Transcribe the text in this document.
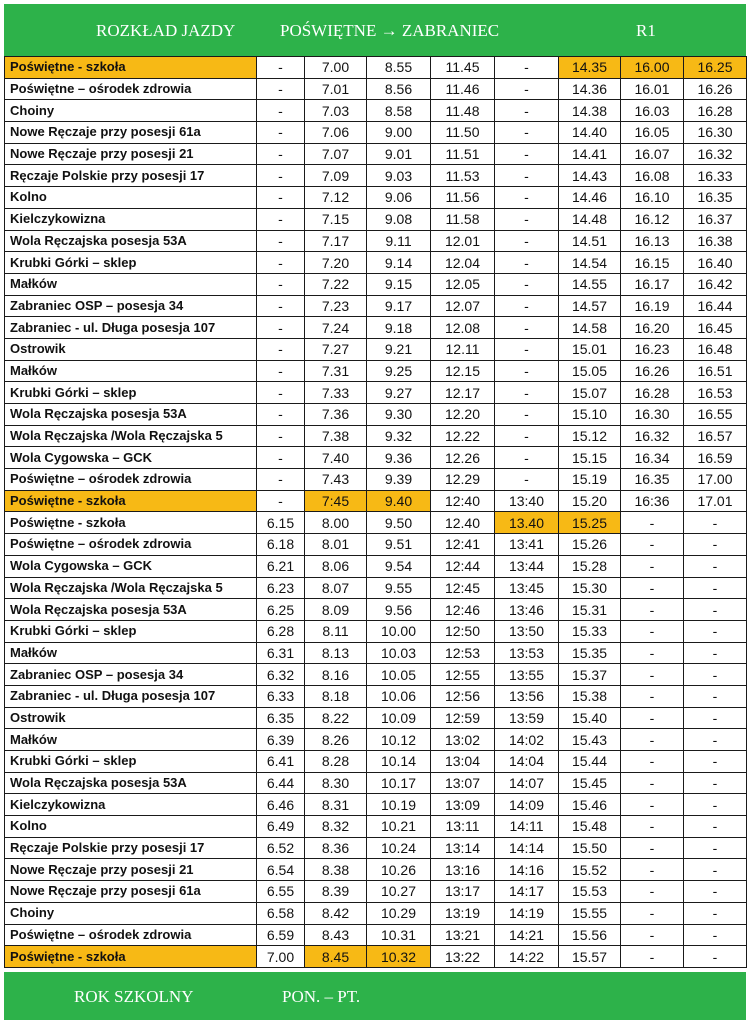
ROZKŁAD JAZDY	POŚWIĘTNE → ZABRANIEC	R1
Poświętne - szkoła	-	7.00	8.55	11.45	-	14.35	16.00	16.25
Poświętne – ośrodek zdrowia	-	7.01	8.56	11.46	-	14.36	16.01	16.26
Choiny	-	7.03	8.58	11.48	-	14.38	16.03	16.28
Nowe Ręczaje przy posesji 61a	-	7.06	9.00	11.50	-	14.40	16.05	16.30
Nowe Ręczaje przy posesji 21	-	7.07	9.01	11.51	-	14.41	16.07	16.32
Ręczaje Polskie przy posesji 17	-	7.09	9.03	11.53	-	14.43	16.08	16.33
Kolno	-	7.12	9.06	11.56	-	14.46	16.10	16.35
Kielczykowizna	-	7.15	9.08	11.58	-	14.48	16.12	16.37
Wola Ręczajska posesja 53A	-	7.17	9.11	12.01	-	14.51	16.13	16.38
Krubki Górki – sklep	-	7.20	9.14	12.04	-	14.54	16.15	16.40
Małków	-	7.22	9.15	12.05	-	14.55	16.17	16.42
Zabraniec OSP – posesja 34	-	7.23	9.17	12.07	-	14.57	16.19	16.44
Zabraniec - ul. Długa posesja 107	-	7.24	9.18	12.08	-	14.58	16.20	16.45
Ostrowik	-	7.27	9.21	12.11	-	15.01	16.23	16.48
Małków	-	7.31	9.25	12.15	-	15.05	16.26	16.51
Krubki Górki – sklep	-	7.33	9.27	12.17	-	15.07	16.28	16.53
Wola Ręczajska posesja 53A	-	7.36	9.30	12.20	-	15.10	16.30	16.55
Wola Ręczajska /Wola Ręczajska 5	-	7.38	9.32	12.22	-	15.12	16.32	16.57
Wola Cygowska – GCK	-	7.40	9.36	12.26	-	15.15	16.34	16.59
Poświętne – ośrodek zdrowia	-	7.43	9.39	12.29	-	15.19	16.35	17.00
Poświętne - szkoła	-	7:45	9.40	12:40	13:40	15.20	16:36	17.01
Poświętne - szkoła	6.15	8.00	9.50	12.40	13.40	15.25	-	-
Poświętne – ośrodek zdrowia	6.18	8.01	9.51	12:41	13:41	15.26	-	-
Wola Cygowska – GCK	6.21	8.06	9.54	12:44	13:44	15.28	-	-
Wola Ręczajska /Wola Ręczajska 5	6.23	8.07	9.55	12:45	13:45	15.30	-	-
Wola Ręczajska posesja 53A	6.25	8.09	9.56	12:46	13:46	15.31	-	-
Krubki Górki – sklep	6.28	8.11	10.00	12:50	13:50	15.33	-	-
Małków	6.31	8.13	10.03	12:53	13:53	15.35	-	-
Zabraniec OSP – posesja 34	6.32	8.16	10.05	12:55	13:55	15.37	-	-
Zabraniec - ul. Długa posesja 107	6.33	8.18	10.06	12:56	13:56	15.38	-	-
Ostrowik	6.35	8.22	10.09	12:59	13:59	15.40	-	-
Małków	6.39	8.26	10.12	13:02	14:02	15.43	-	-
Krubki Górki – sklep	6.41	8.28	10.14	13:04	14:04	15.44	-	-
Wola Ręczajska posesja 53A	6.44	8.30	10.17	13:07	14:07	15.45	-	-
Kielczykowizna	6.46	8.31	10.19	13:09	14:09	15.46	-	-
Kolno	6.49	8.32	10.21	13:11	14:11	15.48	-	-
Ręczaje Polskie przy posesji 17	6.52	8.36	10.24	13:14	14:14	15.50	-	-
Nowe Ręczaje przy posesji 21	6.54	8.38	10.26	13:16	14:16	15.52	-	-
Nowe Ręczaje przy posesji 61a	6.55	8.39	10.27	13:17	14:17	15.53	-	-
Choiny	6.58	8.42	10.29	13:19	14:19	15.55	-	-
Poświętne – ośrodek zdrowia	6.59	8.43	10.31	13:21	14:21	15.56	-	-
Poświętne - szkoła	7.00	8.45	10.32	13:22	14:22	15.57	-	-
ROK SZKOLNY	PON. – PT.
